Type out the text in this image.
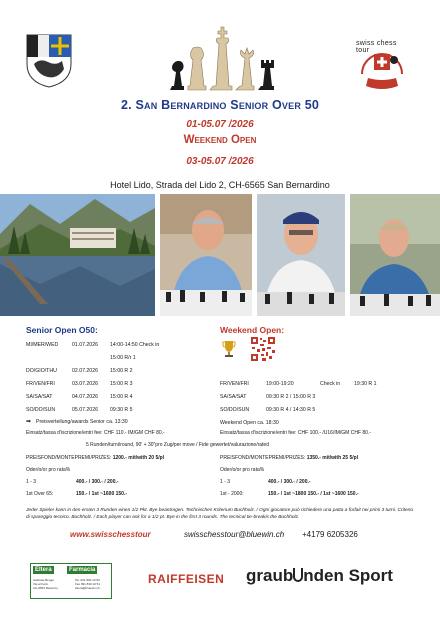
swiss chess tour
2. San Bernardino Senior Over 50
01-05.07 /2026
Weekend Open
03-05.07 /2026
Hotel Lido, Strada del Lido 2, CH-6565 San Bernardino
Senior Open O50:	Weekend Open:
MI/MER/WED	01.07.2026 14:00-14:50 Check in
15:00 R/r 1
DO/GIO/THU	02.07.2026 15:00 R 2
FR/VEN/FRI	03.07.2026 15:00 R 3
SA/SA/SAT	04.07.2026 15:00 R 4
SO/DO/SUN	05.07.2026 09:30 R 5
FR/VEN/FRI	19:00-19:20	Check in	19:30 R 1
SA/SA/SAT	09:30 R 2 / 15:00 R 3
SO/DO/SUN	09:30 R 4 / 14:30 R 5
➡ Preisverteilung/awards Senior ca. 13:30	Weekend Open ca. 18:30
Einsatz/tassa d'iscrizione/entri fee: CHF 110.- IM/GM CHF 80.-	Einsatz/tassa d'iscrizione/entri fee: CHF 100.- /U16/IM/GM CHF 80.-
5 Runden/turni/round, 90' + 30"pro Zug/per move / Fide gewertet/valurazione/rated
PREISFOND/MONTEPREMI/PRIZES: 1200.- mit/with 20 5/pl
Oder/o/or pro rata%
1 - 3	400.- / 300.- / 200.-
1st Over 65:	150.- / 1st ~1600 150.-
PREISFOND/MONTEPREMI/PRIZES: 1350.- mit/with 25 5/pl
Oder/o/or pro rata%
1 - 3	400.- / 300.- / 200.-
1st - 2000:	150.- / 1st ~1800 150.- / 1st ~1600 150.-
Jeder Spieler kann in den ersten 3 Runden einen 1/2 Pkt. Bye beantragen. Technisches Kriterium Buchholz. / Ogni giocatore può richiedere una patta a forfait nei primi 3 turni. Criterio di spareggio tecnico. Buchholz. / Each player can ask for a 1/2 pt. Bye in the first 3 rounds. The tecnical tie-breakis the Buchholz.
www.swisschesstour	swisschesstour@bluewin.ch +4179 6205326
Eltera	Farmacia
Gabriele Berger
Via al Farm
CH-6563 Mesocco
Tel. 091 830 10 50
Fax 091 830 10 51
eltera@bluewin.ch
RAIFFEISEN graub nden Sport
